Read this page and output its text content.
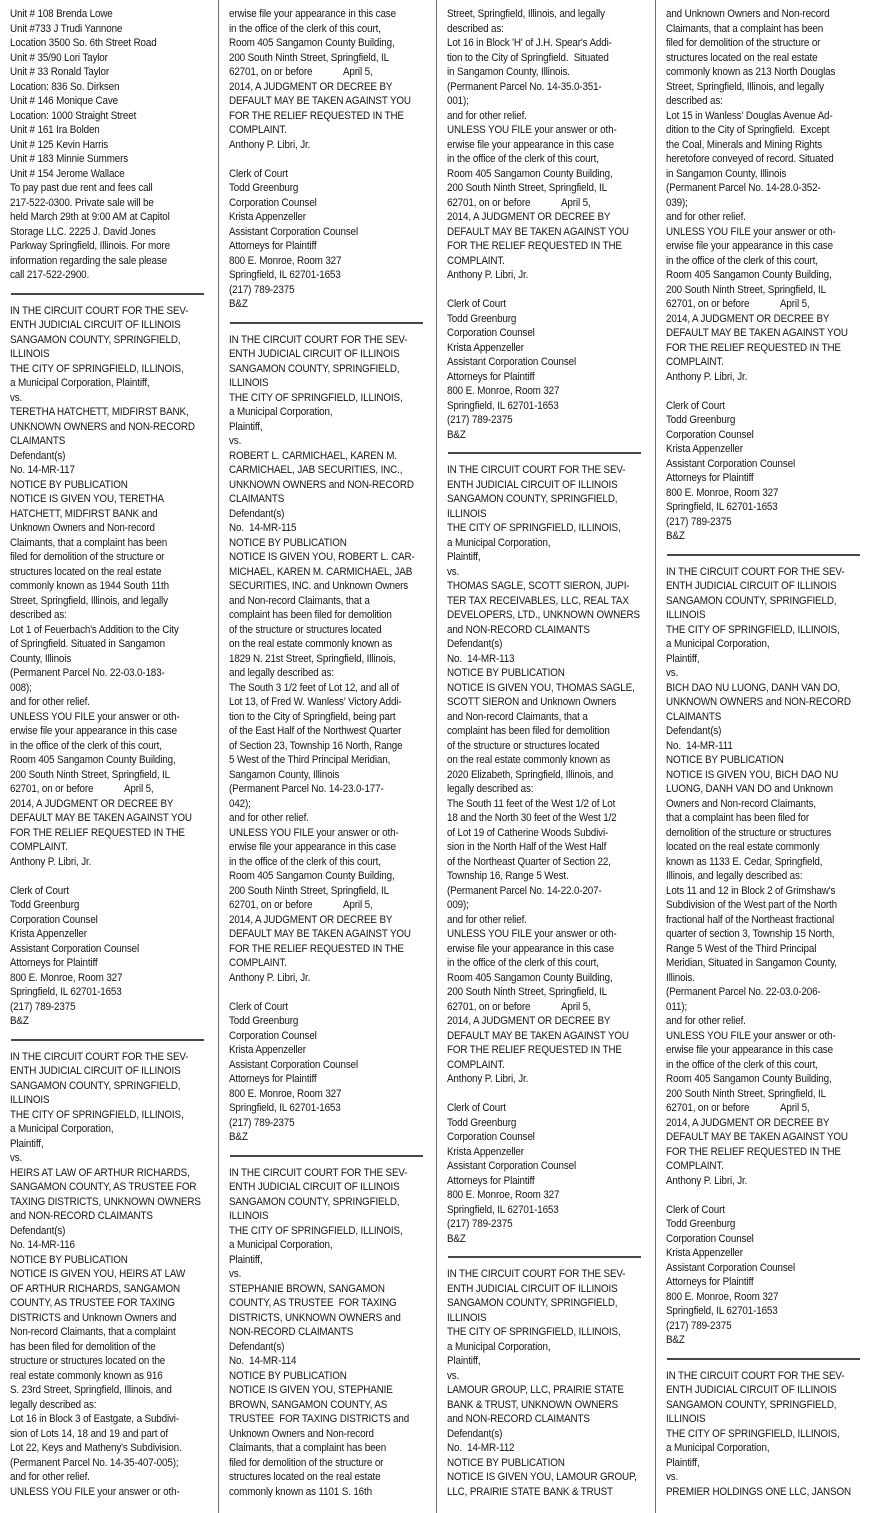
Unit # 108 Brenda Lowe
Unit #733 J Trudi Yannone
Location 3500 So. 6th Street Road
Unit # 35/90 Lori Taylor
Unit # 33 Ronald Taylor
Location: 836 So. Dirksen
Unit # 146 Monique Cave
Location: 1000 Straight Street
Unit # 161 Ira Bolden
Unit # 125 Kevin Harris
Unit # 183 Minnie Summers
Unit # 154 Jerome Wallace
To pay past due rent and fees call
217-522-0300. Private sale will be
held March 29th at 9:00 AM at Capitol
Storage LLC. 2225 J. David Jones
Parkway Springfield, Illinois. For more
information regarding the sale please
call 217-522-2900.
IN THE CIRCUIT COURT FOR THE SEV-
ENTH JUDICIAL CIRCUIT OF ILLINOIS
SANGAMON COUNTY, SPRINGFIELD,
ILLINOIS
THE CITY OF SPRINGFIELD, ILLINOIS,
a Municipal Corporation, Plaintiff,
vs.
TERETHA HATCHETT, MIDFIRST BANK,
UNKNOWN OWNERS and NON-RECORD
CLAIMANTS
Defendant(s)
No. 14-MR-117
NOTICE BY PUBLICATION
NOTICE IS GIVEN YOU, TERETHA
HATCHETT, MIDFIRST BANK and
Unknown Owners and Non-record
Claimants, that a complaint has been
filed for demolition of the structure or
structures located on the real estate
commonly known as 1944 South 11th
Street, Springfield, Illinois, and legally
described as:
Lot 1 of Feuerbach's Addition to the City
of Springfield. Situated in Sangamon
County, Illinois
(Permanent Parcel No. 22-03.0-183-
008);
and for other relief.
UNLESS YOU FILE your answer or oth-
erwise file your appearance in this case
in the office of the clerk of this court,
Room 405 Sangamon County Building,
200 South Ninth Street, Springfield, IL
62701, on or before            April 5,
2014, A JUDGMENT OR DECREE BY
DEFAULT MAY BE TAKEN AGAINST YOU
FOR THE RELIEF REQUESTED IN THE
COMPLAINT.
Anthony P. Libri, Jr.
Clerk of Court
Todd Greenburg
Corporation Counsel
Krista Appenzeller
Assistant Corporation Counsel
Attorneys for Plaintiff
800 E. Monroe, Room 327
Springfield, IL 62701-1653
(217) 789-2375
B&Z
IN THE CIRCUIT COURT FOR THE SEV-
ENTH JUDICIAL CIRCUIT OF ILLINOIS
SANGAMON COUNTY, SPRINGFIELD,
ILLINOIS
THE CITY OF SPRINGFIELD, ILLINOIS,
a Municipal Corporation,
Plaintiff,
vs.
HEIRS AT LAW OF ARTHUR RICHARDS,
SANGAMON COUNTY, AS TRUSTEE FOR
TAXING DISTRICTS, UNKNOWN OWNERS
and NON-RECORD CLAIMANTS
Defendant(s)
No. 14-MR-116
NOTICE BY PUBLICATION
NOTICE IS GIVEN YOU, HEIRS AT LAW
OF ARTHUR RICHARDS, SANGAMON
COUNTY, AS TRUSTEE FOR TAXING
DISTRICTS and Unknown Owners and
Non-record Claimants, that a complaint
has been filed for demolition of the
structure or structures located on the
real estate commonly known as 916
S. 23rd Street, Springfield, Illinois, and
legally described as:
Lot 16 in Block 3 of Eastgate, a Subdivi-
sion of Lots 14, 18 and 19 and part of
Lot 22, Keys and Matheny's Subdivision.
(Permanent Parcel No. 14-35-407-005);
and for other relief.
UNLESS YOU FILE your answer or oth-
erwise file your appearance in this case
in the office of the clerk of this court,
Room 405 Sangamon County Building,
200 South Ninth Street, Springfield, IL
62701, on or before            April 5,
2014, A JUDGMENT OR DECREE BY
DEFAULT MAY BE TAKEN AGAINST YOU
FOR THE RELIEF REQUESTED IN THE
COMPLAINT.
Anthony P. Libri, Jr.
Clerk of Court
Todd Greenburg
Corporation Counsel
Krista Appenzeller
Assistant Corporation Counsel
Attorneys for Plaintiff
800 E. Monroe, Room 327
Springfield, IL 62701-1653
(217) 789-2375
B&Z
IN THE CIRCUIT COURT FOR THE SEV-
ENTH JUDICIAL CIRCUIT OF ILLINOIS
SANGAMON COUNTY, SPRINGFIELD,
ILLINOIS
THE CITY OF SPRINGFIELD, ILLINOIS,
a Municipal Corporation,
Plaintiff,
vs.
ROBERT L. CARMICHAEL, KAREN M.
CARMICHAEL, JAB SECURITIES, INC.,
UNKNOWN OWNERS and NON-RECORD
CLAIMANTS
Defendant(s)
No.  14-MR-115
NOTICE BY PUBLICATION
NOTICE IS GIVEN YOU, ROBERT L. CAR-
MICHAEL, KAREN M. CARMICHAEL, JAB
SECURITIES, INC. and Unknown Owners
and Non-record Claimants, that a
complaint has been filed for demolition
of the structure or structures located
on the real estate commonly known as
1829 N. 21st Street, Springfield, Illinois,
and legally described as:
The South 3 1/2 feet of Lot 12, and all of
Lot 13, of Fred W. Wanless' Victory Addi-
tion to the City of Springfield, being part
of the East Half of the Northwest Quarter
of Section 23, Township 16 North, Range
5 West of the Third Principal Meridian,
Sangamon County, Illinois
(Permanent Parcel No. 14-23.0-177-
042);
and for other relief.
UNLESS YOU FILE your answer or oth-
erwise file your appearance in this case
in the office of the clerk of this court,
Room 405 Sangamon County Building,
200 South Ninth Street, Springfield, IL
62701, on or before            April 5,
2014, A JUDGMENT OR DECREE BY
DEFAULT MAY BE TAKEN AGAINST YOU
FOR THE RELIEF REQUESTED IN THE
COMPLAINT.
Anthony P. Libri, Jr.
Clerk of Court
Todd Greenburg
Corporation Counsel
Krista Appenzeller
Assistant Corporation Counsel
Attorneys for Plaintiff
800 E. Monroe, Room 327
Springfield, IL 62701-1653
(217) 789-2375
B&Z
IN THE CIRCUIT COURT FOR THE SEV-
ENTH JUDICIAL CIRCUIT OF ILLINOIS
SANGAMON COUNTY, SPRINGFIELD,
ILLINOIS
THE CITY OF SPRINGFIELD, ILLINOIS,
a Municipal Corporation,
Plaintiff,
vs.
STEPHANIE BROWN, SANGAMON
COUNTY, AS TRUSTEE  FOR TAXING
DISTRICTS, UNKNOWN OWNERS and
NON-RECORD CLAIMANTS
Defendant(s)
No.  14-MR-114
NOTICE BY PUBLICATION
NOTICE IS GIVEN YOU, STEPHANIE
BROWN, SANGAMON COUNTY, AS
TRUSTEE  FOR TAXING DISTRICTS and
Unknown Owners and Non-record
Claimants, that a complaint has been
filed for demolition of the structure or
structures located on the real estate
commonly known as 1101 S. 16th
Street, Springfield, Illinois, and legally
described as:
Lot 16 in Block 'H' of J.H. Spear's Addi-
tion to the City of Springfield.  Situated
in Sangamon County, Illinois.
(Permanent Parcel No. 14-35.0-351-
001);
and for other relief.
UNLESS YOU FILE your answer or oth-
erwise file your appearance in this case
in the office of the clerk of this court,
Room 405 Sangamon County Building,
200 South Ninth Street, Springfield, IL
62701, on or before            April 5,
2014, A JUDGMENT OR DECREE BY
DEFAULT MAY BE TAKEN AGAINST YOU
FOR THE RELIEF REQUESTED IN THE
COMPLAINT.
Anthony P. Libri, Jr.
Clerk of Court
Todd Greenburg
Corporation Counsel
Krista Appenzeller
Assistant Corporation Counsel
Attorneys for Plaintiff
800 E. Monroe, Room 327
Springfield, IL 62701-1653
(217) 789-2375
B&Z
IN THE CIRCUIT COURT FOR THE SEV-
ENTH JUDICIAL CIRCUIT OF ILLINOIS
SANGAMON COUNTY, SPRINGFIELD,
ILLINOIS
THE CITY OF SPRINGFIELD, ILLINOIS,
a Municipal Corporation,
Plaintiff,
vs.
THOMAS SAGLE, SCOTT SIERON, JUPI-
TER TAX RECEIVABLES, LLC, REAL TAX
DEVELOPERS, LTD., UNKNOWN OWNERS
and NON-RECORD CLAIMANTS
Defendant(s)
No.  14-MR-113
NOTICE BY PUBLICATION
NOTICE IS GIVEN YOU, THOMAS SAGLE,
SCOTT SIERON and Unknown Owners
and Non-record Claimants, that a
complaint has been filed for demolition
of the structure or structures located
on the real estate commonly known as
2020 Elizabeth, Springfield, Illinois, and
legally described as:
The South 11 feet of the West 1/2 of Lot
18 and the North 30 feet of the West 1/2
of Lot 19 of Catherine Woods Subdivi-
sion in the North Half of the West Half
of the Northeast Quarter of Section 22,
Township 16, Range 5 West.
(Permanent Parcel No. 14-22.0-207-
009);
and for other relief.
UNLESS YOU FILE your answer or oth-
erwise file your appearance in this case
in the office of the clerk of this court,
Room 405 Sangamon County Building,
200 South Ninth Street, Springfield, IL
62701, on or before            April 5,
2014, A JUDGMENT OR DECREE BY
DEFAULT MAY BE TAKEN AGAINST YOU
FOR THE RELIEF REQUESTED IN THE
COMPLAINT.
Anthony P. Libri, Jr.
Clerk of Court
Todd Greenburg
Corporation Counsel
Krista Appenzeller
Assistant Corporation Counsel
Attorneys for Plaintiff
800 E. Monroe, Room 327
Springfield, IL 62701-1653
(217) 789-2375
B&Z
IN THE CIRCUIT COURT FOR THE SEV-
ENTH JUDICIAL CIRCUIT OF ILLINOIS
SANGAMON COUNTY, SPRINGFIELD,
ILLINOIS
THE CITY OF SPRINGFIELD, ILLINOIS,
a Municipal Corporation,
Plaintiff,
vs.
LAMOUR GROUP, LLC, PRAIRIE STATE
BANK & TRUST, UNKNOWN OWNERS
and NON-RECORD CLAIMANTS
Defendant(s)
No.  14-MR-112
NOTICE BY PUBLICATION
NOTICE IS GIVEN YOU, LAMOUR GROUP,
LLC, PRAIRIE STATE BANK & TRUST
and Unknown Owners and Non-record
Claimants, that a complaint has been
filed for demolition of the structure or
structures located on the real estate
commonly known as 213 North Douglas
Street, Springfield, Illinois, and legally
described as:
Lot 15 in Wanless' Douglas Avenue Ad-
dition to the City of Springfield.  Except
the Coal, Minerals and Mining Rights
heretofore conveyed of record. Situated
in Sangamon County, Illinois
(Permanent Parcel No. 14-28.0-352-
039);
and for other relief.
UNLESS YOU FILE your answer or oth-
erwise file your appearance in this case
in the office of the clerk of this court,
Room 405 Sangamon County Building,
200 South Ninth Street, Springfield, IL
62701, on or before            April 5,
2014, A JUDGMENT OR DECREE BY
DEFAULT MAY BE TAKEN AGAINST YOU
FOR THE RELIEF REQUESTED IN THE
COMPLAINT.
Anthony P. Libri, Jr.
Clerk of Court
Todd Greenburg
Corporation Counsel
Krista Appenzeller
Assistant Corporation Counsel
Attorneys for Plaintiff
800 E. Monroe, Room 327
Springfield, IL 62701-1653
(217) 789-2375
B&Z
IN THE CIRCUIT COURT FOR THE SEV-
ENTH JUDICIAL CIRCUIT OF ILLINOIS
SANGAMON COUNTY, SPRINGFIELD,
ILLINOIS
THE CITY OF SPRINGFIELD, ILLINOIS,
a Municipal Corporation,
Plaintiff,
vs.
BICH DAO NU LUONG, DANH VAN DO,
UNKNOWN OWNERS and NON-RECORD
CLAIMANTS
Defendant(s)
No.  14-MR-111
NOTICE BY PUBLICATION
NOTICE IS GIVEN YOU, BICH DAO NU
LUONG, DANH VAN DO and Unknown
Owners and Non-record Claimants,
that a complaint has been filed for
demolition of the structure or structures
located on the real estate commonly
known as 1133 E. Cedar, Springfield,
Illinois, and legally described as:
Lots 11 and 12 in Block 2 of Grimshaw's
Subdivision of the West part of the North
fractional half of the Northeast fractional
quarter of section 3, Township 15 North,
Range 5 West of the Third Principal
Meridian, Situated in Sangamon County,
Illinois.
(Permanent Parcel No. 22-03.0-206-
011);
and for other relief.
UNLESS YOU FILE your answer or oth-
erwise file your appearance in this case
in the office of the clerk of this court,
Room 405 Sangamon County Building,
200 South Ninth Street, Springfield, IL
62701, on or before            April 5,
2014, A JUDGMENT OR DECREE BY
DEFAULT MAY BE TAKEN AGAINST YOU
FOR THE RELIEF REQUESTED IN THE
COMPLAINT.
Anthony P. Libri, Jr.
Clerk of Court
Todd Greenburg
Corporation Counsel
Krista Appenzeller
Assistant Corporation Counsel
Attorneys for Plaintiff
800 E. Monroe, Room 327
Springfield, IL 62701-1653
(217) 789-2375
B&Z
IN THE CIRCUIT COURT FOR THE SEV-
ENTH JUDICIAL CIRCUIT OF ILLINOIS
SANGAMON COUNTY, SPRINGFIELD,
ILLINOIS
THE CITY OF SPRINGFIELD, ILLINOIS,
a Municipal Corporation,
Plaintiff,
vs.
PREMIER HOLDINGS ONE LLC, JANSON
